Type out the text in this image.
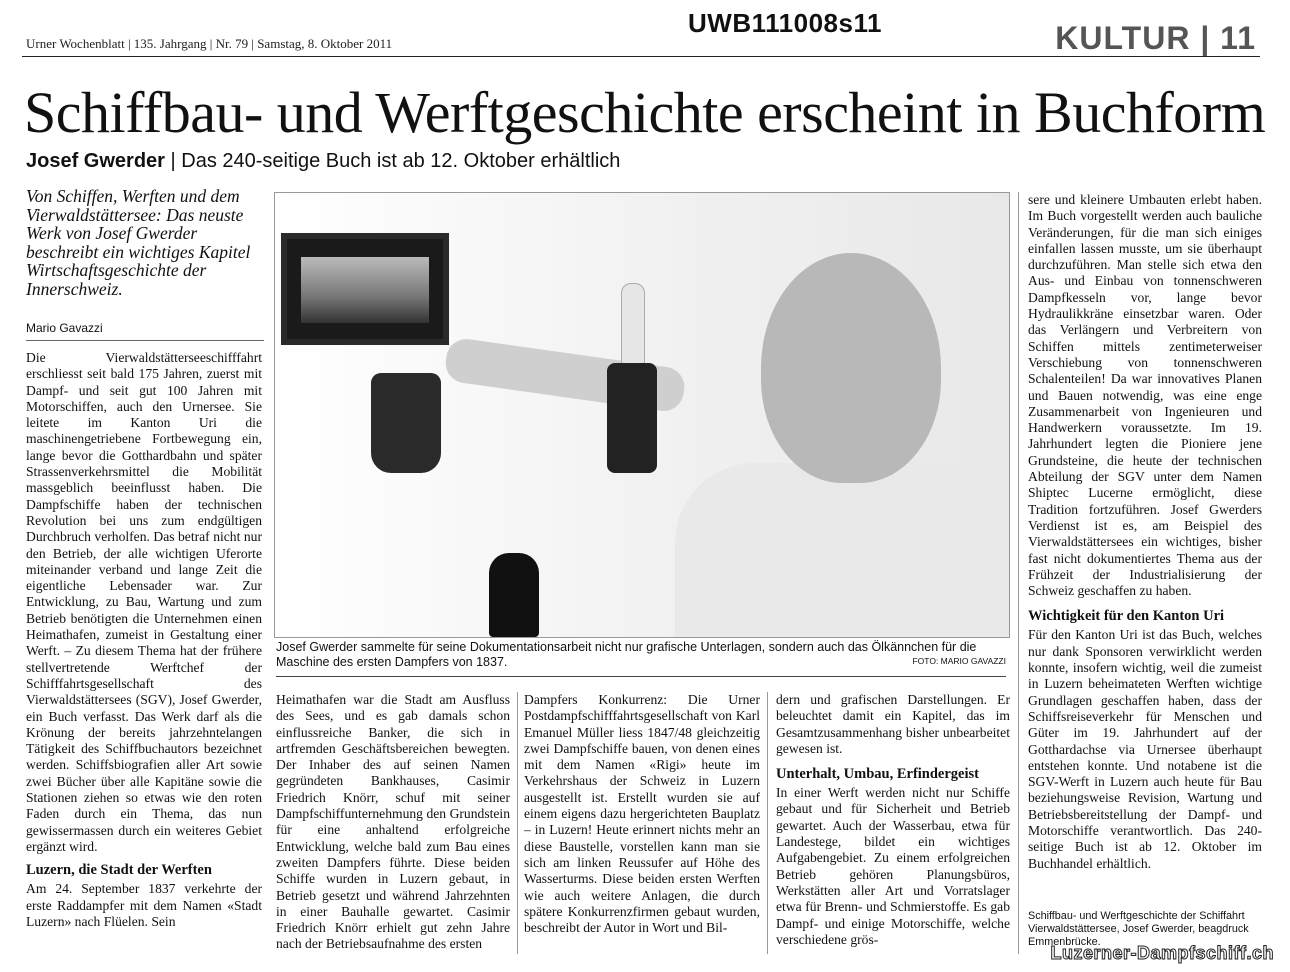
Urner Wochenblatt | 135. Jahrgang | Nr. 79 | Samstag, 8. Oktober 2011
UWB111008s11	KULTUR | 11
Schiffbau- und Werftgeschichte erscheint in Buchform
Josef Gwerder | Das 240-seitige Buch ist ab 12. Oktober erhältlich
Von Schiffen, Werften und dem Vierwaldstättersee: Das neuste Werk von Josef Gwerder beschreibt ein wichtiges Kapitel Wirtschaftsgeschichte der Innerschweiz.
Mario Gavazzi

Die Vierwaldstätterseeschifffahrt erschliesst seit bald 175 Jahren, zuerst mit Dampf- und seit gut 100 Jahren mit Motorschiffen, auch den Urnersee. Sie leitete im Kanton Uri die maschinengetriebene Fortbewegung ein, lange bevor die Gotthardbahn und später Strassenverkehrsmittel die Mobilität massgeblich beeinflusst haben. Die Dampfschiffe haben der technischen Revolution bei uns zum endgültigen Durchbruch verholfen. Das betraf nicht nur den Betrieb, der alle wichtigen Uferorte miteinander verband und lange Zeit die eigentliche Lebensader war. Zur Entwicklung, zu Bau, Wartung und zum Betrieb benötigten die Unternehmen einen Heimathafen, zumeist in Gestaltung einer Werft. – Zu diesem Thema hat der frühere stellvertretende Werftchef der Schifffahrtsgesellschaft des Vierwaldstättersees (SGV), Josef Gwerder, ein Buch verfasst. Das Werk darf als die Krönung der bereits jahrzehntelangen Tätigkeit des Schiffbuchautors bezeichnet werden. Schiffsbiografien aller Art sowie zwei Bücher über alle Kapitäne sowie die Stationen ziehen so etwas wie den roten Faden durch ein Thema, das nun gewissermassen durch ein weiteres Gebiet ergänzt wird.

Luzern, die Stadt der Werften

Am 24. September 1837 verkehrte der erste Raddampfer mit dem Namen «Stadt Luzern» nach Flüelen. Sein

Josef Gwerder sammelte für seine Dokumentationsarbeit nicht nur grafische Unterlagen, sondern auch das Ölkännchen für die Maschine des ersten Dampfers von 1837.	FOTO: MARIO GAVAZZI

Heimathafen war die Stadt am Ausfluss des Sees, und es gab damals schon einflussreiche Banker, die sich in artfremden Geschäftsbereichen bewegten. Der Inhaber des auf seinen Namen gegründeten Bankhauses, Casimir Friedrich Knörr, schuf mit seiner Dampfschiffunternehmung den Grundstein für eine anhaltend erfolgreiche Entwicklung, welche bald zum Bau eines zweiten Dampfers führte. Diese beiden Schiffe wurden in Luzern gebaut, in Betrieb gesetzt und während Jahrzehnten in einer Bauhalle gewartet. Casimir Friedrich Knörr erhielt gut zehn Jahre nach der Betriebsaufnahme des ersten

Dampfers Konkurrenz: Die Urner Postdampfschifffahrtsgesellschaft von Karl Emanuel Müller liess 1847/48 gleichzeitig zwei Dampfschiffe bauen, von denen eines mit dem Namen «Rigi» heute im Verkehrshaus der Schweiz in Luzern ausgestellt ist. Erstellt wurden sie auf einem eigens dazu hergerichteten Bauplatz – in Luzern! Heute erinnert nichts mehr an diese Baustelle, vorstellen kann man sie sich am linken Reussufer auf Höhe des Wasserturms. Diese beiden ersten Werften wie auch weitere Anlagen, die durch spätere Konkurrenzfirmen gebaut wurden, beschreibt der Autor in Wort und Bil-

dern und grafischen Darstellungen. Er beleuchtet damit ein Kapitel, das im Gesamtzusammenhang bisher unbearbeitet gewesen ist.

Unterhalt, Umbau, Erfindergeist

In einer Werft werden nicht nur Schiffe gebaut und für Sicherheit und Betrieb gewartet. Auch der Wasserbau, etwa für Landestege, bildet ein wichtiges Aufgabengebiet. Zu einem erfolgreichen Betrieb gehören Planungsbüros, Werkstätten aller Art und Vorratslager etwa für Brenn- und Schmierstoffe. Es gab Dampf- und einige Motorschiffe, welche verschiedene grös-

sere und kleinere Umbauten erlebt haben. Im Buch vorgestellt werden auch bauliche Veränderungen, für die man sich einiges einfallen lassen musste, um sie überhaupt durchzuführen. Man stelle sich etwa den Aus- und Einbau von tonnenschweren Dampfkesseln vor, lange bevor Hydraulikkräne einsetzbar waren. Oder das Verlängern und Verbreitern von Schiffen mittels zentimeterweiser Verschiebung von tonnenschweren Schalenteilen! Da war innovatives Planen und Bauen notwendig, was eine enge Zusammenarbeit von Ingenieuren und Handwerkern voraussetzte. Im 19. Jahrhundert legten die Pioniere jene Grundsteine, die heute der technischen Abteilung der SGV unter dem Namen Shiptec Lucerne ermöglicht, diese Tradition fortzuführen. Josef Gwerders Verdienst ist es, am Beispiel des Vierwaldstättersees ein wichtiges, bisher fast nicht dokumentiertes Thema aus der Frühzeit der Industrialisierung der Schweiz geschaffen zu haben.

Wichtigkeit für den Kanton Uri

Für den Kanton Uri ist das Buch, welches nur dank Sponsoren verwirklicht werden konnte, insofern wichtig, weil die zumeist in Luzern beheimateten Werften wichtige Grundlagen geschaffen haben, dass der Schiffsreiseverkehr für Menschen und Güter im 19. Jahrhundert auf der Gotthardachse via Urnersee überhaupt entstehen konnte. Und notabene ist die SGV-Werft in Luzern auch heute für Bau beziehungsweise Revision, Wartung und Betriebsbereitstellung der Dampf- und Motorschiffe verantwortlich. Das 240-seitige Buch ist ab 12. Oktober im Buchhandel erhältlich.

Schiffbau- und Werftgeschichte der Schiffahrt Vierwaldstättersee, Josef Gwerder, beagdruck Emmenbrücke.
Luzerner-Dampfschiff.ch
